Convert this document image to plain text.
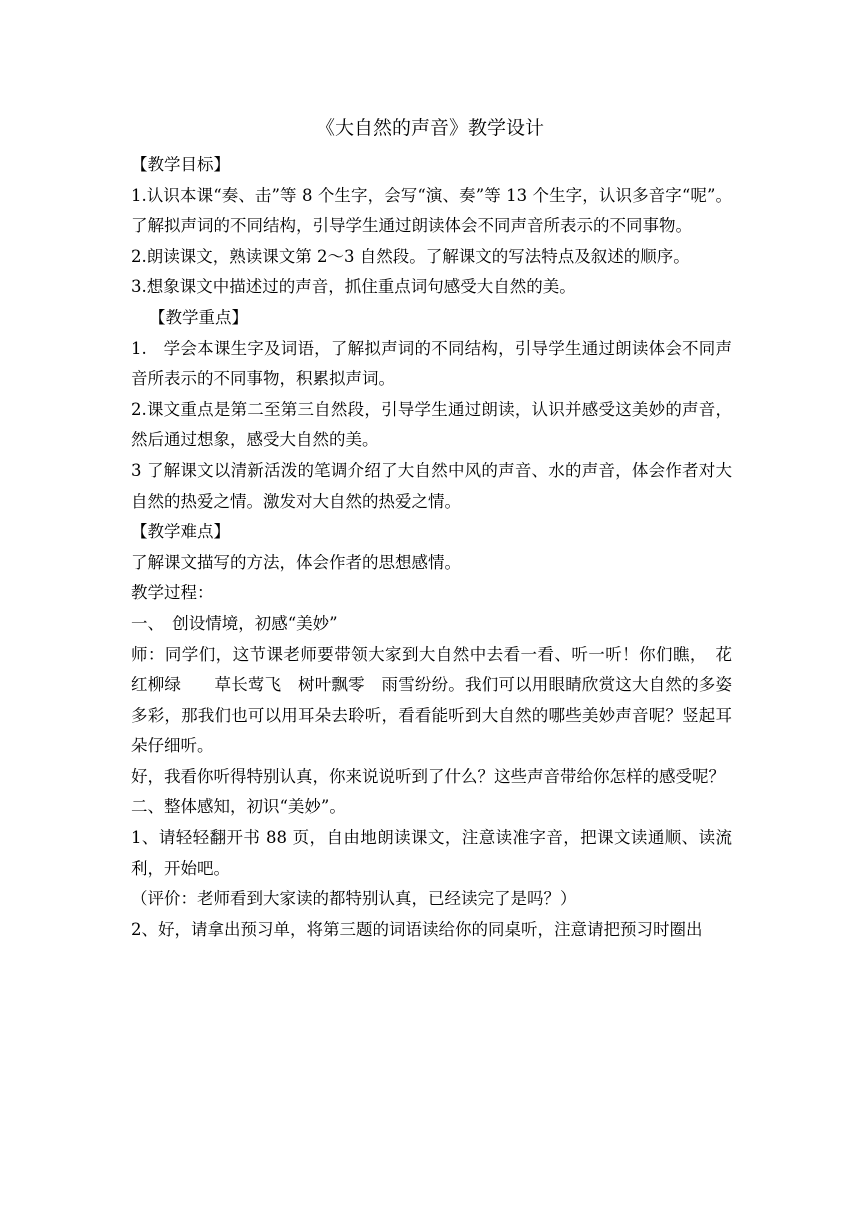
《大自然的声音》教学设计

【教学目标】

1.认识本课“奏、击”等 8 个生字，会写“演、奏”等 13 个生字，认识多音字“呢”。了解拟声词的不同结构，引导学生通过朗读体会不同声音所表示的不同事物。

2.朗读课文，熟读课文第 2～3 自然段。了解课文的写法特点及叙述的顺序。

3.想象课文中描述过的声音，抓住重点词句感受大自然的美。

【教学重点】

1.　学会本课生字及词语，了解拟声词的不同结构，引导学生通过朗读体会不同声音所表示的不同事物，积累拟声词。

2.课文重点是第二至第三自然段，引导学生通过朗读，认识并感受这美妙的声音，然后通过想象，感受大自然的美。

3 了解课文以清新活泼的笔调介绍了大自然中风的声音、水的声音，体会作者对大自然的热爱之情。激发对大自然的热爱之情。

【教学难点】

了解课文描写的方法，体会作者的思想感情。

教学过程：

一、　创设情境，初感“美妙”

师：同学们，这节课老师要带领大家到大自然中去看一看、听一听！你们瞧，　花红柳绿　　草长莺飞　树叶飘零　雨雪纷纷。我们可以用眼睛欣赏这大自然的多姿多彩，那我们也可以用耳朵去聆听，看看能听到大自然的哪些美妙声音呢？竖起耳朵仔细听。

好，我看你听得特别认真，你来说说听到了什么？这些声音带给你怎样的感受呢？

二、整体感知，初识“美妙”。

1、请轻轻翻开书 88 页，自由地朗读课文，注意读准字音，把课文读通顺、读流利，开始吧。

（评价：老师看到大家读的都特别认真，已经读完了是吗？）

2、好，请拿出预习单，将第三题的词语读给你的同桌听，注意请把预习时圈出
